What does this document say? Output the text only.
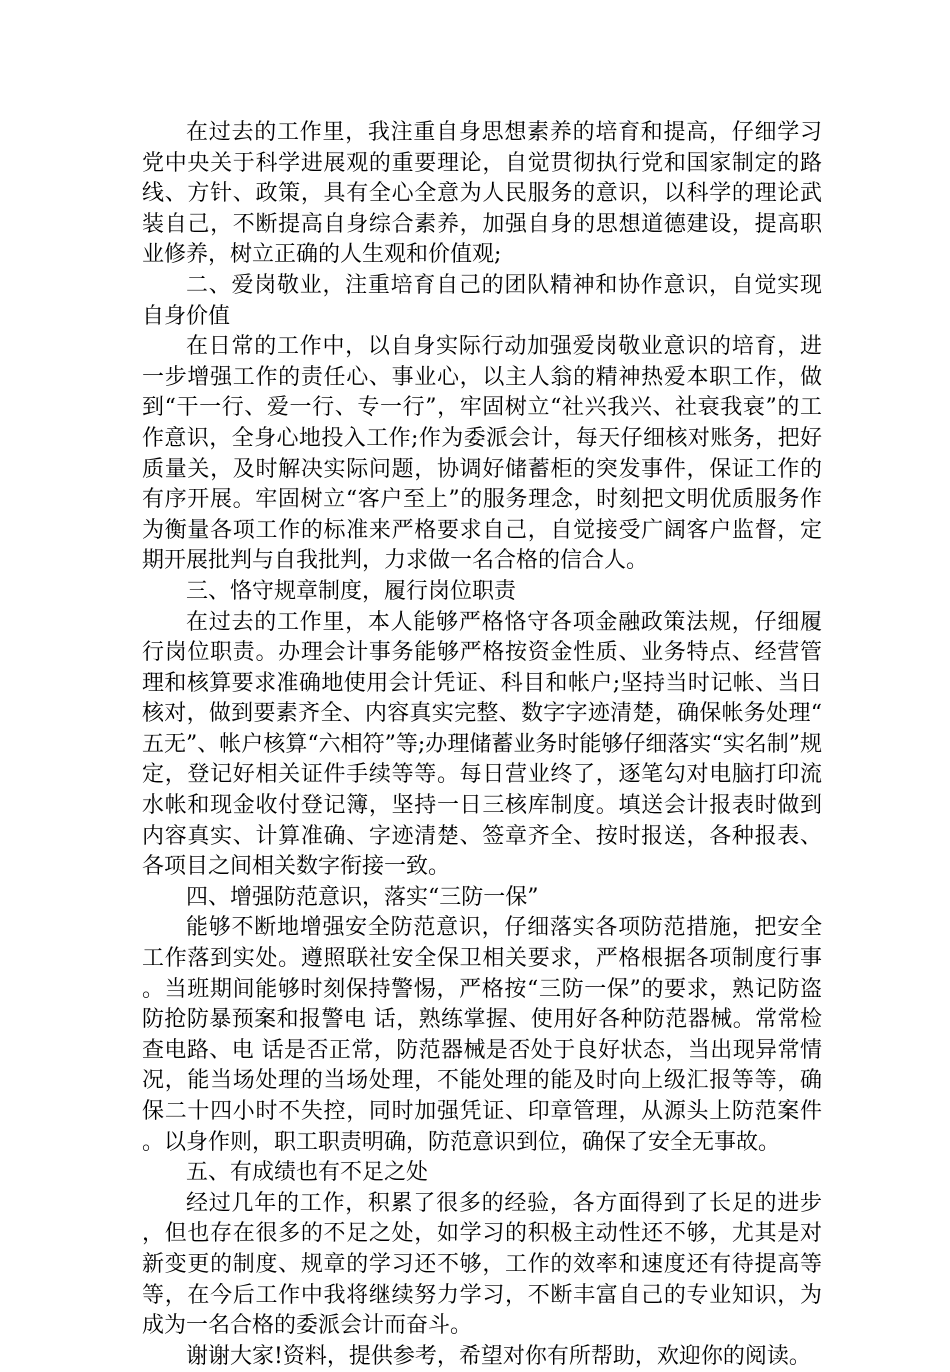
在过去的工作里，我注重自身思想素养的培育和提高，仔细学习党中央关于科学进展观的重要理论，自觉贯彻执行党和国家制定的路线、方针、政策，具有全心全意为人民服务的意识，以科学的理论武装自己，不断提高自身综合素养，加强自身的思想道德建设，提高职业修养，树立正确的人生观和价值观;

二、爱岗敬业，注重培育自己的团队精神和协作意识，自觉实现自身价值

在日常的工作中，以自身实际行动加强爱岗敬业意识的培育，进一步增强工作的责任心、事业心，以主人翁的精神热爱本职工作，做到“干一行、爱一行、专一行”，牢固树立“社兴我兴、社衰我衰”的工作意识，全身心地投入工作;作为委派会计，每天仔细核对账务，把好质量关，及时解决实际问题，协调好储蓄柜的突发事件，保证工作的有序开展。牢固树立“客户至上”的服务理念，时刻把文明优质服务作为衡量各项工作的标准来严格要求自己，自觉接受广阔客户监督，定期开展批判与自我批判，力求做一名合格的信合人。

三、恪守规章制度，履行岗位职责

在过去的工作里，本人能够严格恪守各项金融政策法规，仔细履行岗位职责。办理会计事务能够严格按资金性质、业务特点、经营管理和核算要求准确地使用会计凭证、科目和帐户;坚持当时记帐、当日核对，做到要素齐全、内容真实完整、数字字迹清楚，确保帐务处理“五无”、帐户核算“六相符”等;办理储蓄业务时能够仔细落实“实名制”规定，登记好相关证件手续等等。每日营业终了，逐笔勾对电脑打印流水帐和现金收付登记簿，坚持一日三核库制度。填送会计报表时做到内容真实、计算准确、字迹清楚、签章齐全、按时报送，各种报表、各项目之间相关数字衔接一致。

四、增强防范意识，落实“三防一保”

能够不断地增强安全防范意识，仔细落实各项防范措施，把安全工作落到实处。遵照联社安全保卫相关要求，严格根据各项制度行事。当班期间能够时刻保持警惕，严格按“三防一保”的要求，熟记防盗防抢防暴预案和报警电 话，熟练掌握、使用好各种防范器械。常常检查电路、电 话是否正常，防范器械是否处于良好状态，当出现异常情况，能当场处理的当场处理，不能处理的能及时向上级汇报等等，确保二十四小时不失控，同时加强凭证、印章管理，从源头上防范案件。以身作则，职工职责明确，防范意识到位，确保了安全无事故。

五、有成绩也有不足之处

经过几年的工作，积累了很多的经验，各方面得到了长足的进步，但也存在很多的不足之处，如学习的积极主动性还不够，尤其是对新变更的制度、规章的学习还不够，工作的效率和速度还有待提高等等，在今后工作中我将继续努力学习，不断丰富自己的专业知识，为成为一名合格的委派会计而奋斗。

谢谢大家!资料，提供参考，希望对你有所帮助，欢迎你的阅读。
